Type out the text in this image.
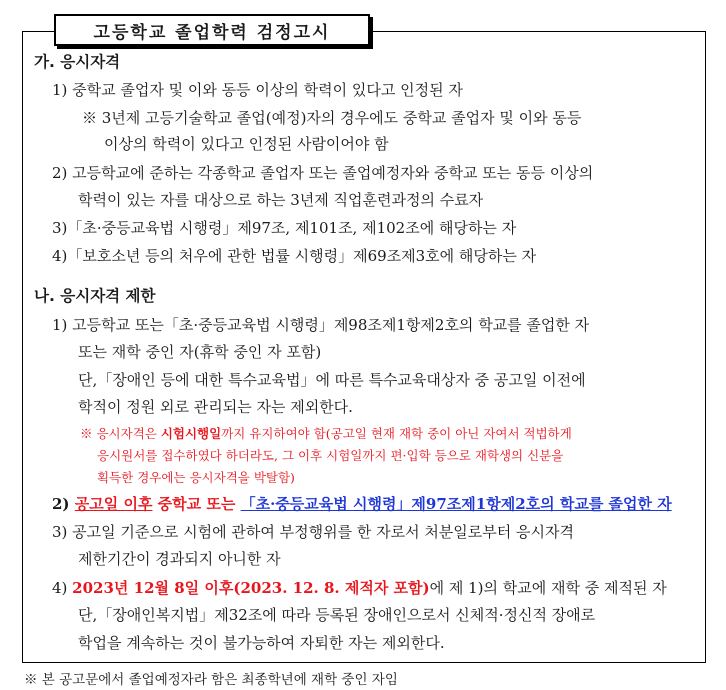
고등학교 졸업학력 검정고시
가. 응시자격
1) 중학교 졸업자 및 이와 동등 이상의 학력이 있다고 인정된 자
※ 3년제 고등기술학교 졸업(예정)자의 경우에도 중학교 졸업자 및 이와 동등
이상의 학력이 있다고 인정된 사람이어야 함
2) 고등학교에 준하는 각종학교 졸업자 또는 졸업예정자와 중학교 또는 동등 이상의
학력이 있는 자를 대상으로 하는 3년제 직업훈련과정의 수료자
3)「초·중등교육법 시행령」제97조, 제101조, 제102조에 해당하는 자
4)「보호소년 등의 처우에 관한 법률 시행령」제69조제3호에 해당하는 자
나. 응시자격 제한
1) 고등학교 또는「초·중등교육법 시행령」제98조제1항제2호의 학교를 졸업한 자
또는 재학 중인 자(휴학 중인 자 포함)
단,「장애인 등에 대한 특수교육법」에 따른 특수교육대상자 중 공고일 이전에
학적이 정원 외로 관리되는 자는 제외한다.
※ 응시자격은 시험시행일까지 유지하여야 함(공고일 현재 재학 중이 아닌 자여서 적법하게
응시원서를 접수하였다 하더라도, 그 이후 시험일까지 편·입학 등으로 재학생의 신분을
획득한 경우에는 응시자격을 박탈함)
2) 공고일 이후 중학교 또는 「초·중등교육법 시행령」제97조제1항제2호의 학교를 졸업한 자
3) 공고일 기준으로 시험에 관하여 부정행위를 한 자로서 처분일로부터 응시자격
제한기간이 경과되지 아니한 자
4) 2023년 12월 8일 이후(2023. 12. 8. 제적자 포함)에 제 1)의 학교에 재학 중 제적된 자
단,「장애인복지법」제32조에 따라 등록된 장애인으로서 신체적·정신적 장애로
학업을 계속하는 것이 불가능하여 자퇴한 자는 제외한다.
※ 본 공고문에서 졸업예정자라 함은 최종학년에 재학 중인 자임
